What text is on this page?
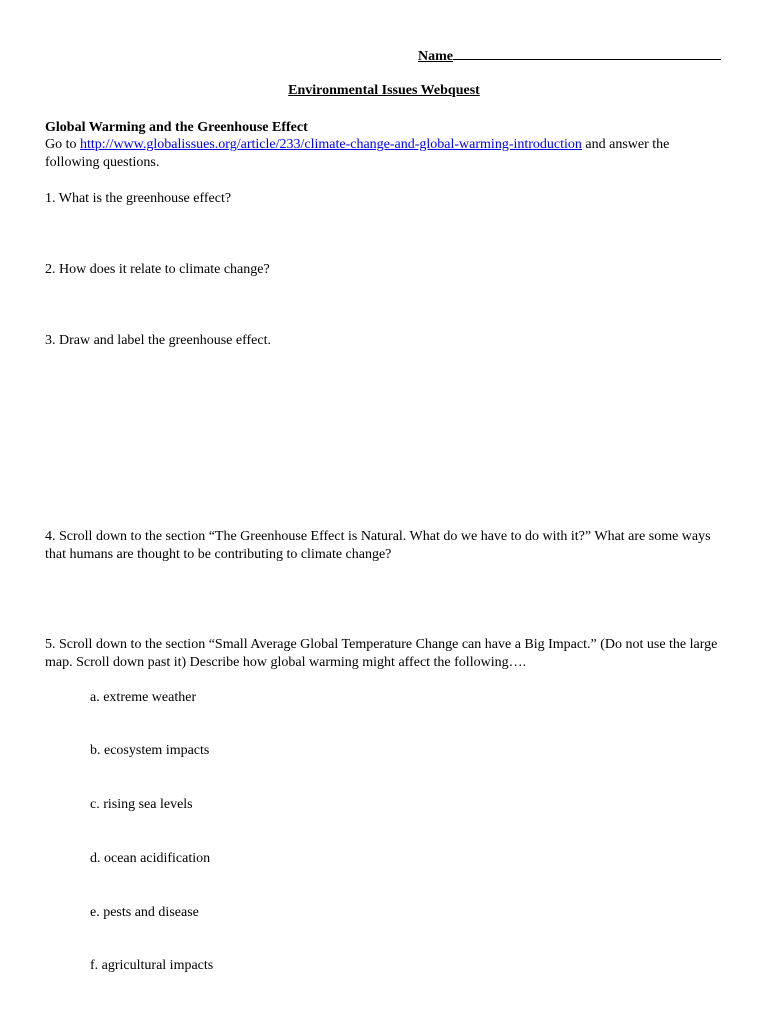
Name
Environmental Issues Webquest
Global Warming and the Greenhouse Effect
Go to http://www.globalissues.org/article/233/climate-change-and-global-warming-introduction and answer the following questions.
1. What is the greenhouse effect?
2. How does it relate to climate change?
3. Draw and label the greenhouse effect.
4. Scroll down to the section “The Greenhouse Effect is Natural. What do we have to do with it?” What are some ways that humans are thought to be contributing to climate change?
5. Scroll down to the section “Small Average Global Temperature Change can have a Big Impact.” (Do not use the large map. Scroll down past it) Describe how global warming might affect the following….
a. extreme weather
b. ecosystem impacts
c. rising sea levels
d. ocean acidification
e. pests and disease
f. agricultural impacts
